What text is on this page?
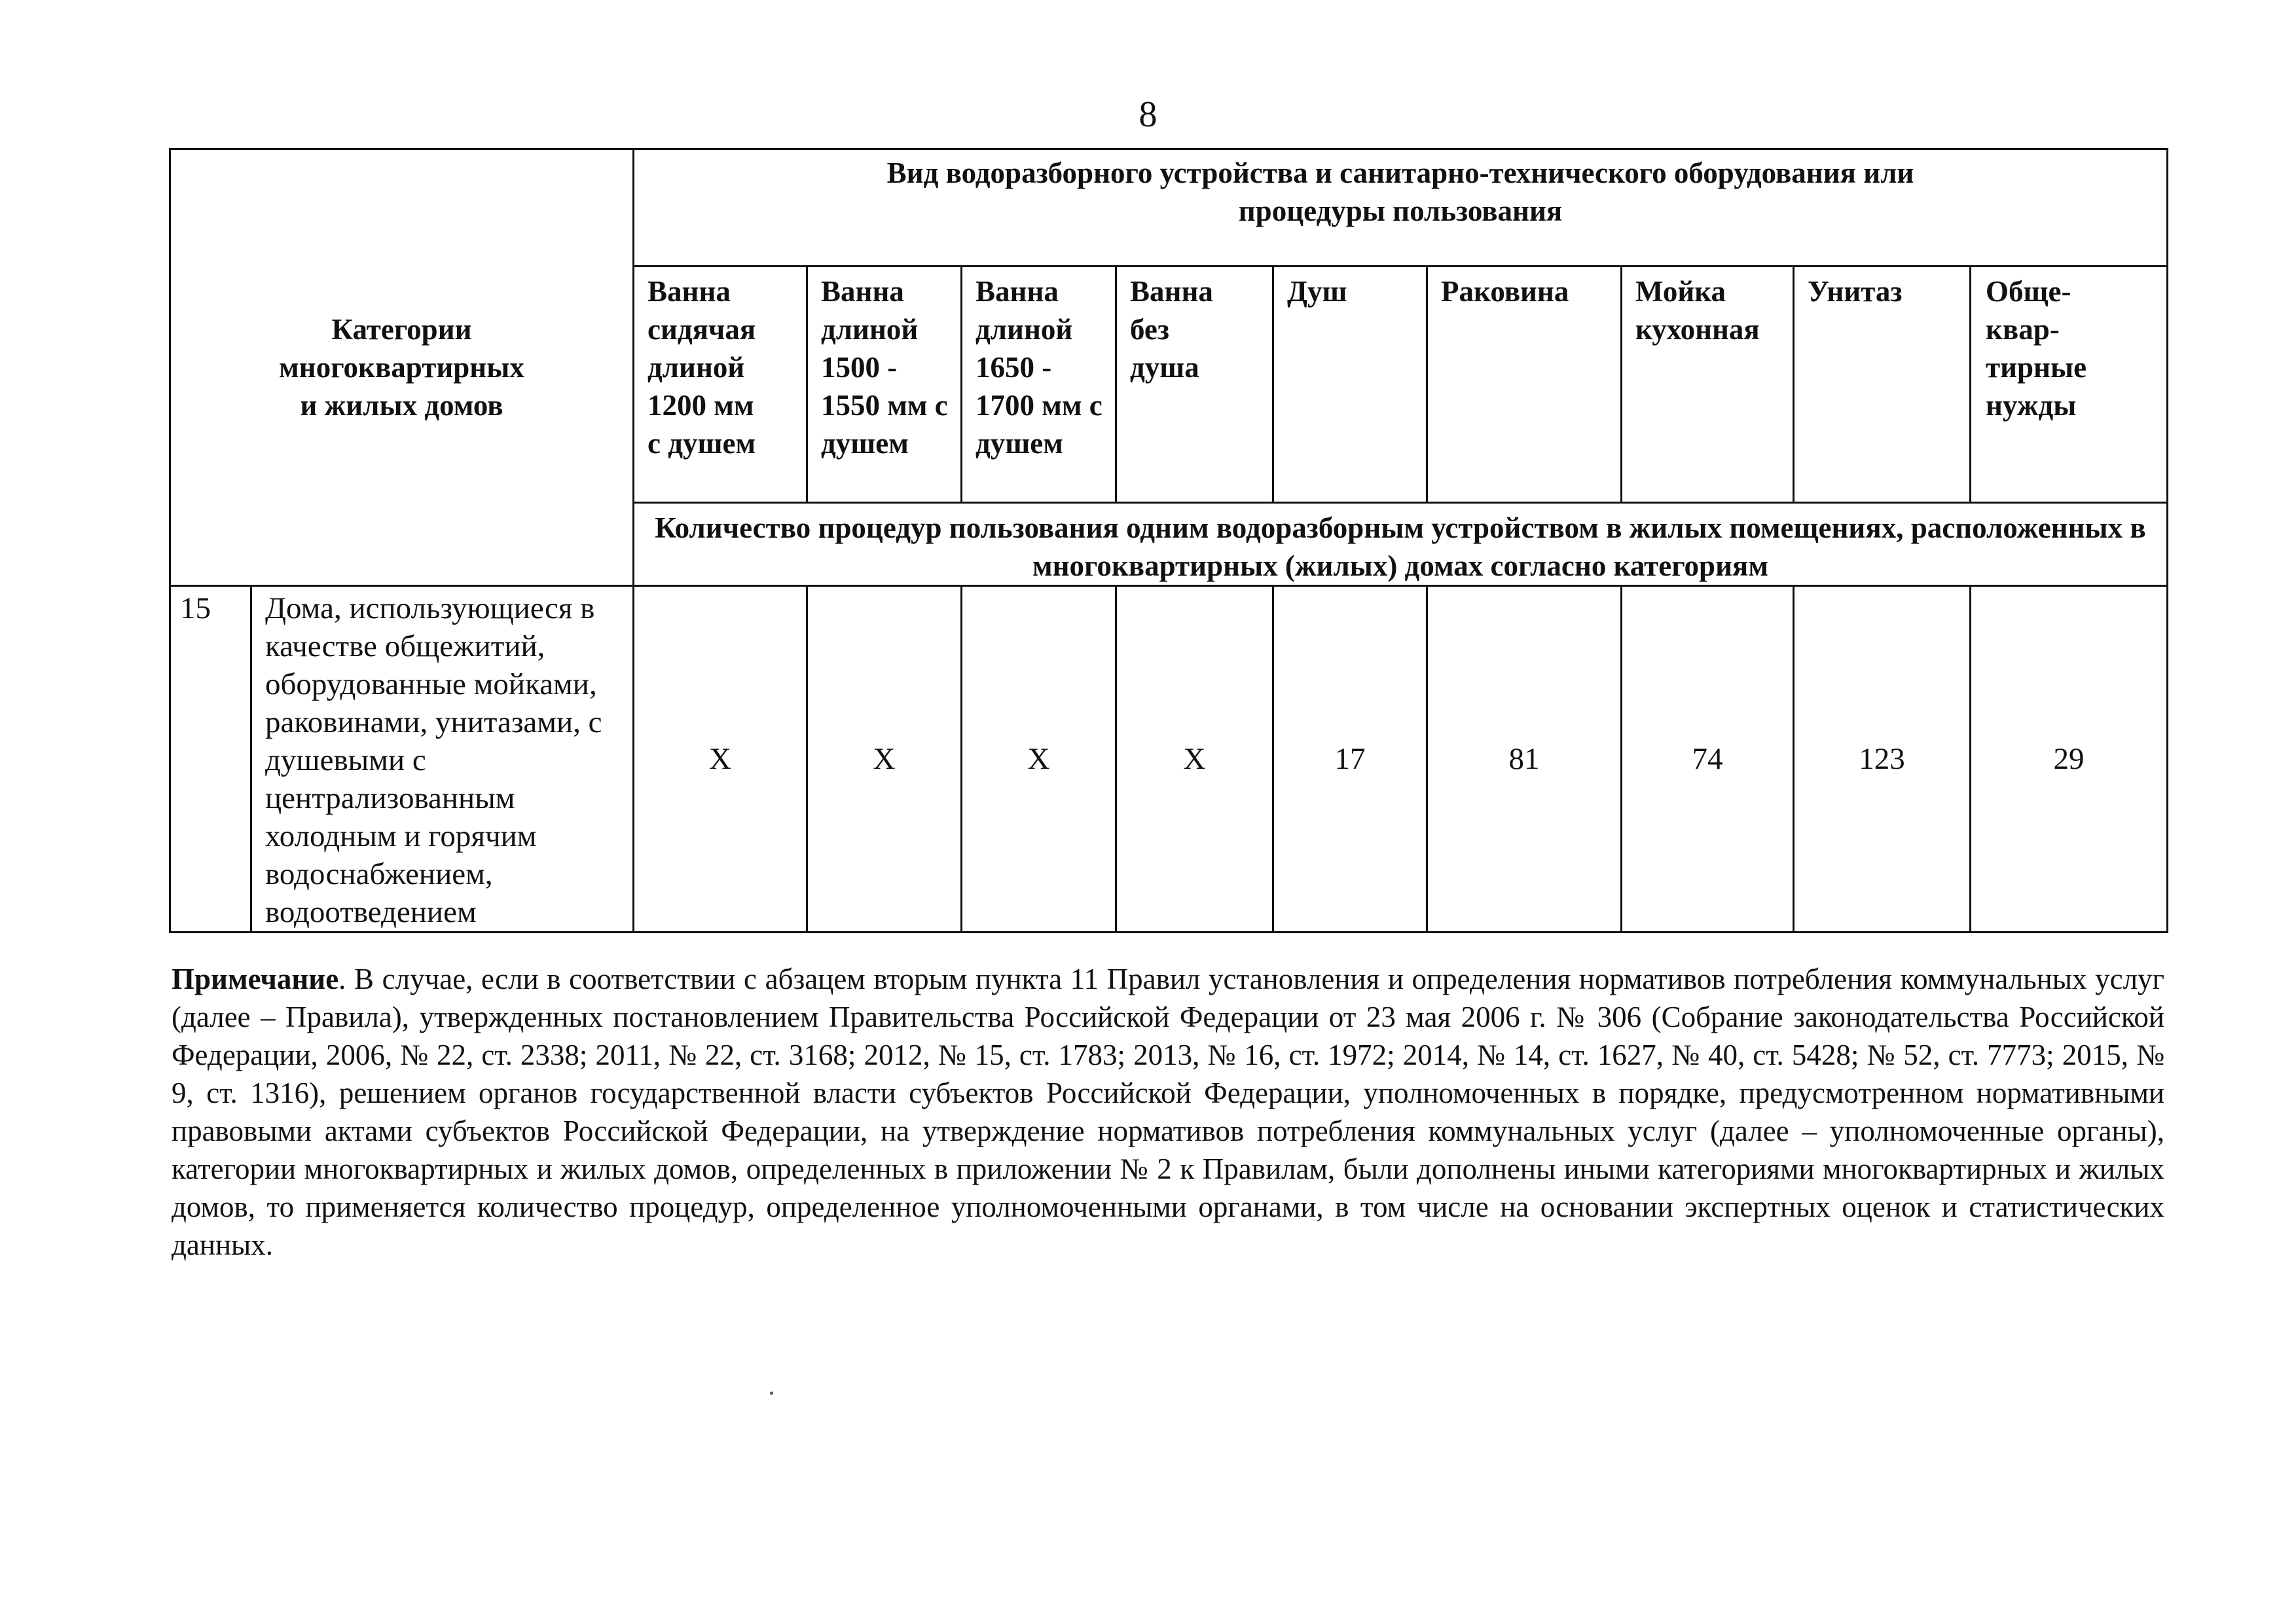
8
Категории многоквартирных и жилых домов		Вид водоразборного устройства и санитарно-технического оборудования или процедуры пользования								

		Ванна сидячая длиной 1200 мм с душем	Ванна длиной 1500 - 1550 мм с душем	Ванна длиной 1650 - 1700 мм с душем	Ванна без душа	Душ	Раковина	Мойка кухонная	Унитаз	Обще- квар- тирные нужды

		Количество процедур пользования одним водоразборным устройством в жилых помещениях, расположенных в многоквартирных (жилых) домах согласно категориям								

15	Дома, использующиеся в качестве общежитий, оборудованные мойками, раковинами, унитазами, с душевыми с централизованным холодным и горячим водоснабжением, водоотведением	X	X	X	X	17	81	74	123	29
Примечание. В случае, если в соответствии с абзацем вторым пункта 11 Правил установления и определения нормативов потребления коммунальных услуг (далее – Правила), утвержденных постановлением Правительства Российской Федерации от 23 мая 2006 г. № 306 (Собрание законодательства Российской Федерации, 2006, № 22, ст. 2338; 2011, № 22, ст. 3168; 2012, № 15, ст. 1783; 2013, № 16, ст. 1972; 2014, № 14, ст. 1627, № 40, ст. 5428; № 52, ст. 7773; 2015, № 9, ст. 1316), решением органов государственной власти субъектов Российской Федерации, уполномоченных в порядке, предусмотренном нормативными правовыми актами субъектов Российской Федерации, на утверждение нормативов потребления коммунальных услуг (далее – уполномоченные органы), категории многоквартирных и жилых домов, определенных в приложении № 2 к Правилам, были дополнены иными категориями многоквартирных и жилых домов, то применяется количество процедур, определенное уполномоченными органами, в том числе на основании экспертных оценок и статистических данных.
